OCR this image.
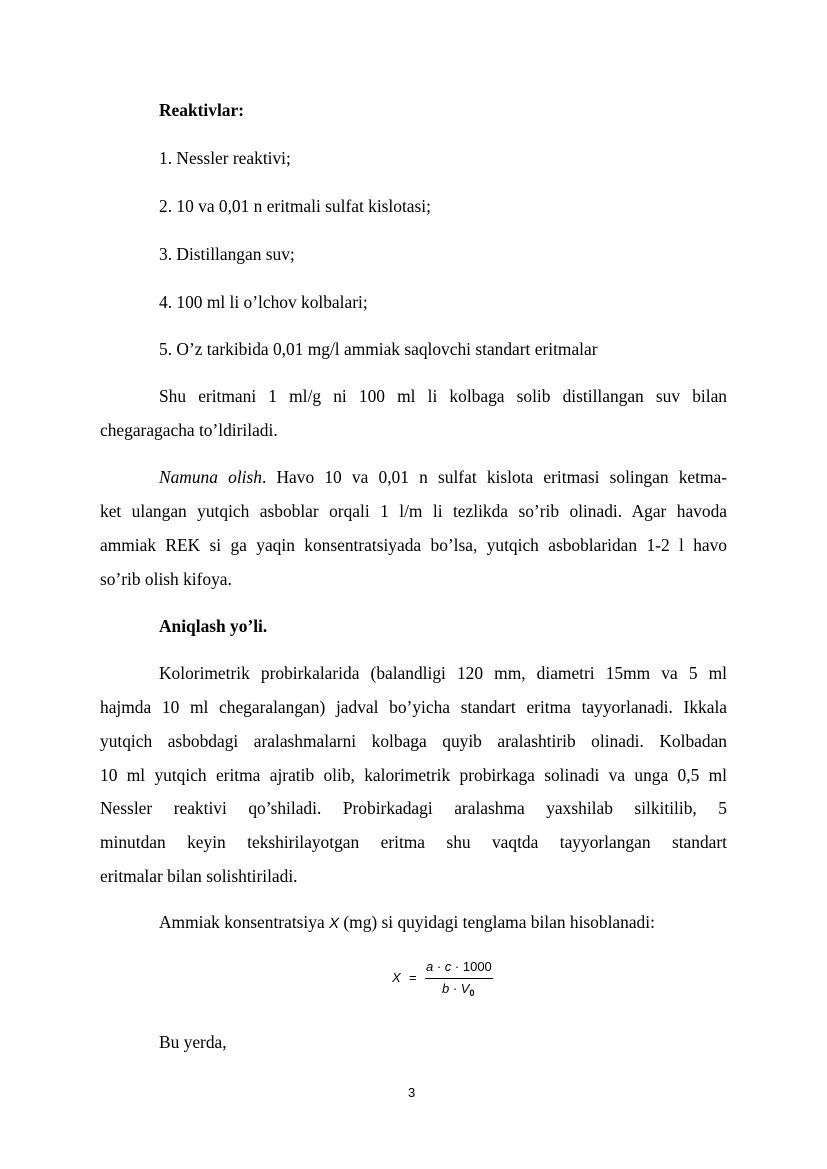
Reaktivlar:
1. Nessler reaktivi;
2. 10 va 0,01 n eritmali sulfat kislotasi;
3. Distillangan suv;
4. 100 ml li o’lchov kolbalari;
5. O’z tarkibida 0,01 mg/l ammiak saqlovchi standart eritmalar
Shu eritmani 1 ml/g ni 100 ml li kolbaga solib distillangan suv bilan
chegaragacha to’ldiriladi.
Namuna olish. Havo 10 va 0,01 n sulfat kislota eritmasi solingan ketma-
ket ulangan yutqich asboblar orqali 1 l/m li tezlikda so’rib olinadi. Agar havoda
ammiak REK si ga yaqin konsentratsiyada bo’lsa, yutqich asboblaridan 1-2 l havo
so’rib olish kifoya.
Aniqlash yo’li.
Kolorimetrik probirkalarida (balandligi 120 mm, diametri 15mm va 5 ml
hajmda 10 ml chegaralangan) jadval bo’yicha standart eritma tayyorlanadi. Ikkala
yutqich asbobdagi aralashmalarni kolbaga quyib aralashtirib olinadi. Kolbadan
10 ml yutqich eritma ajratib olib, kalorimetrik probirkaga solinadi va unga 0,5 ml
Nessler reaktivi qo’shiladi. Probirkadagi aralashma yaxshilab silkitilib, 5
minutdan keyin tekshirilayotgan eritma shu vaqtda tayyorlangan standart
eritmalar bilan solishtiriladi.
Ammiak konsentratsiya X (mg) si quyidagi tenglama bilan hisoblanadi:
X =
a · c · 1000
$b \cdot V_0$
Bu yerda,
3
